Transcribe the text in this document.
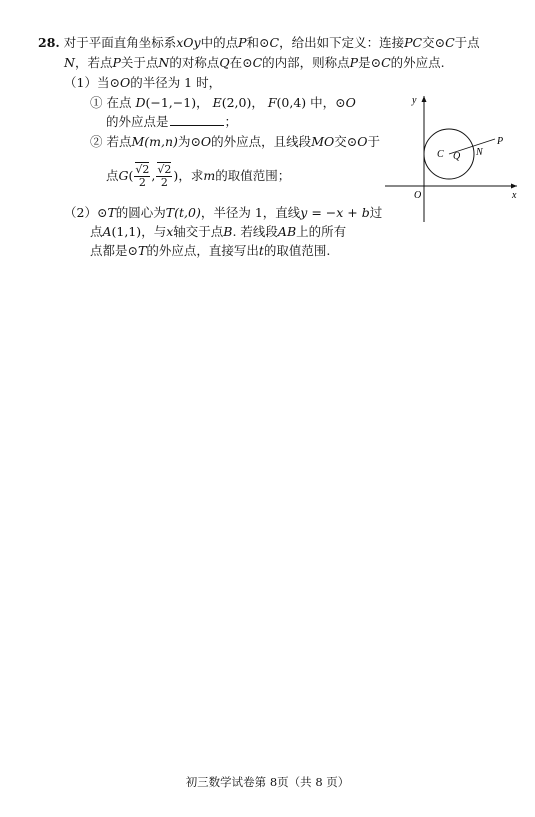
28. 对于平面直角坐标系xOy中的点P和⊙C，给出如下定义：连接PC交⊙C于点
N，若点P关于点N的对称点Q在⊙C的内部，则称点P是⊙C的外应点.
（1）当⊙O的半径为 1 时，
① 在点 D(−1,−1)， E(2,0)， F(0,4) 中，⊙O
的外应点是	；
② 若点M(m,n)为⊙O的外应点，且线段MO交⊙O于
点$G( \frac{√2}{2}$ , $\frac{√2}{2}$ )，求m的取值范围；
（2）⊙T的圆心为T(t,0)，半径为 1，直线y = −x + b过
点A(1,1)，与x轴交于点B. 若线段AB上的所有
点都是⊙T的外应点，直接写出t的取值范围.
y
x
O
C Q N
P
初三数学试卷第 8页（共 8 页）
